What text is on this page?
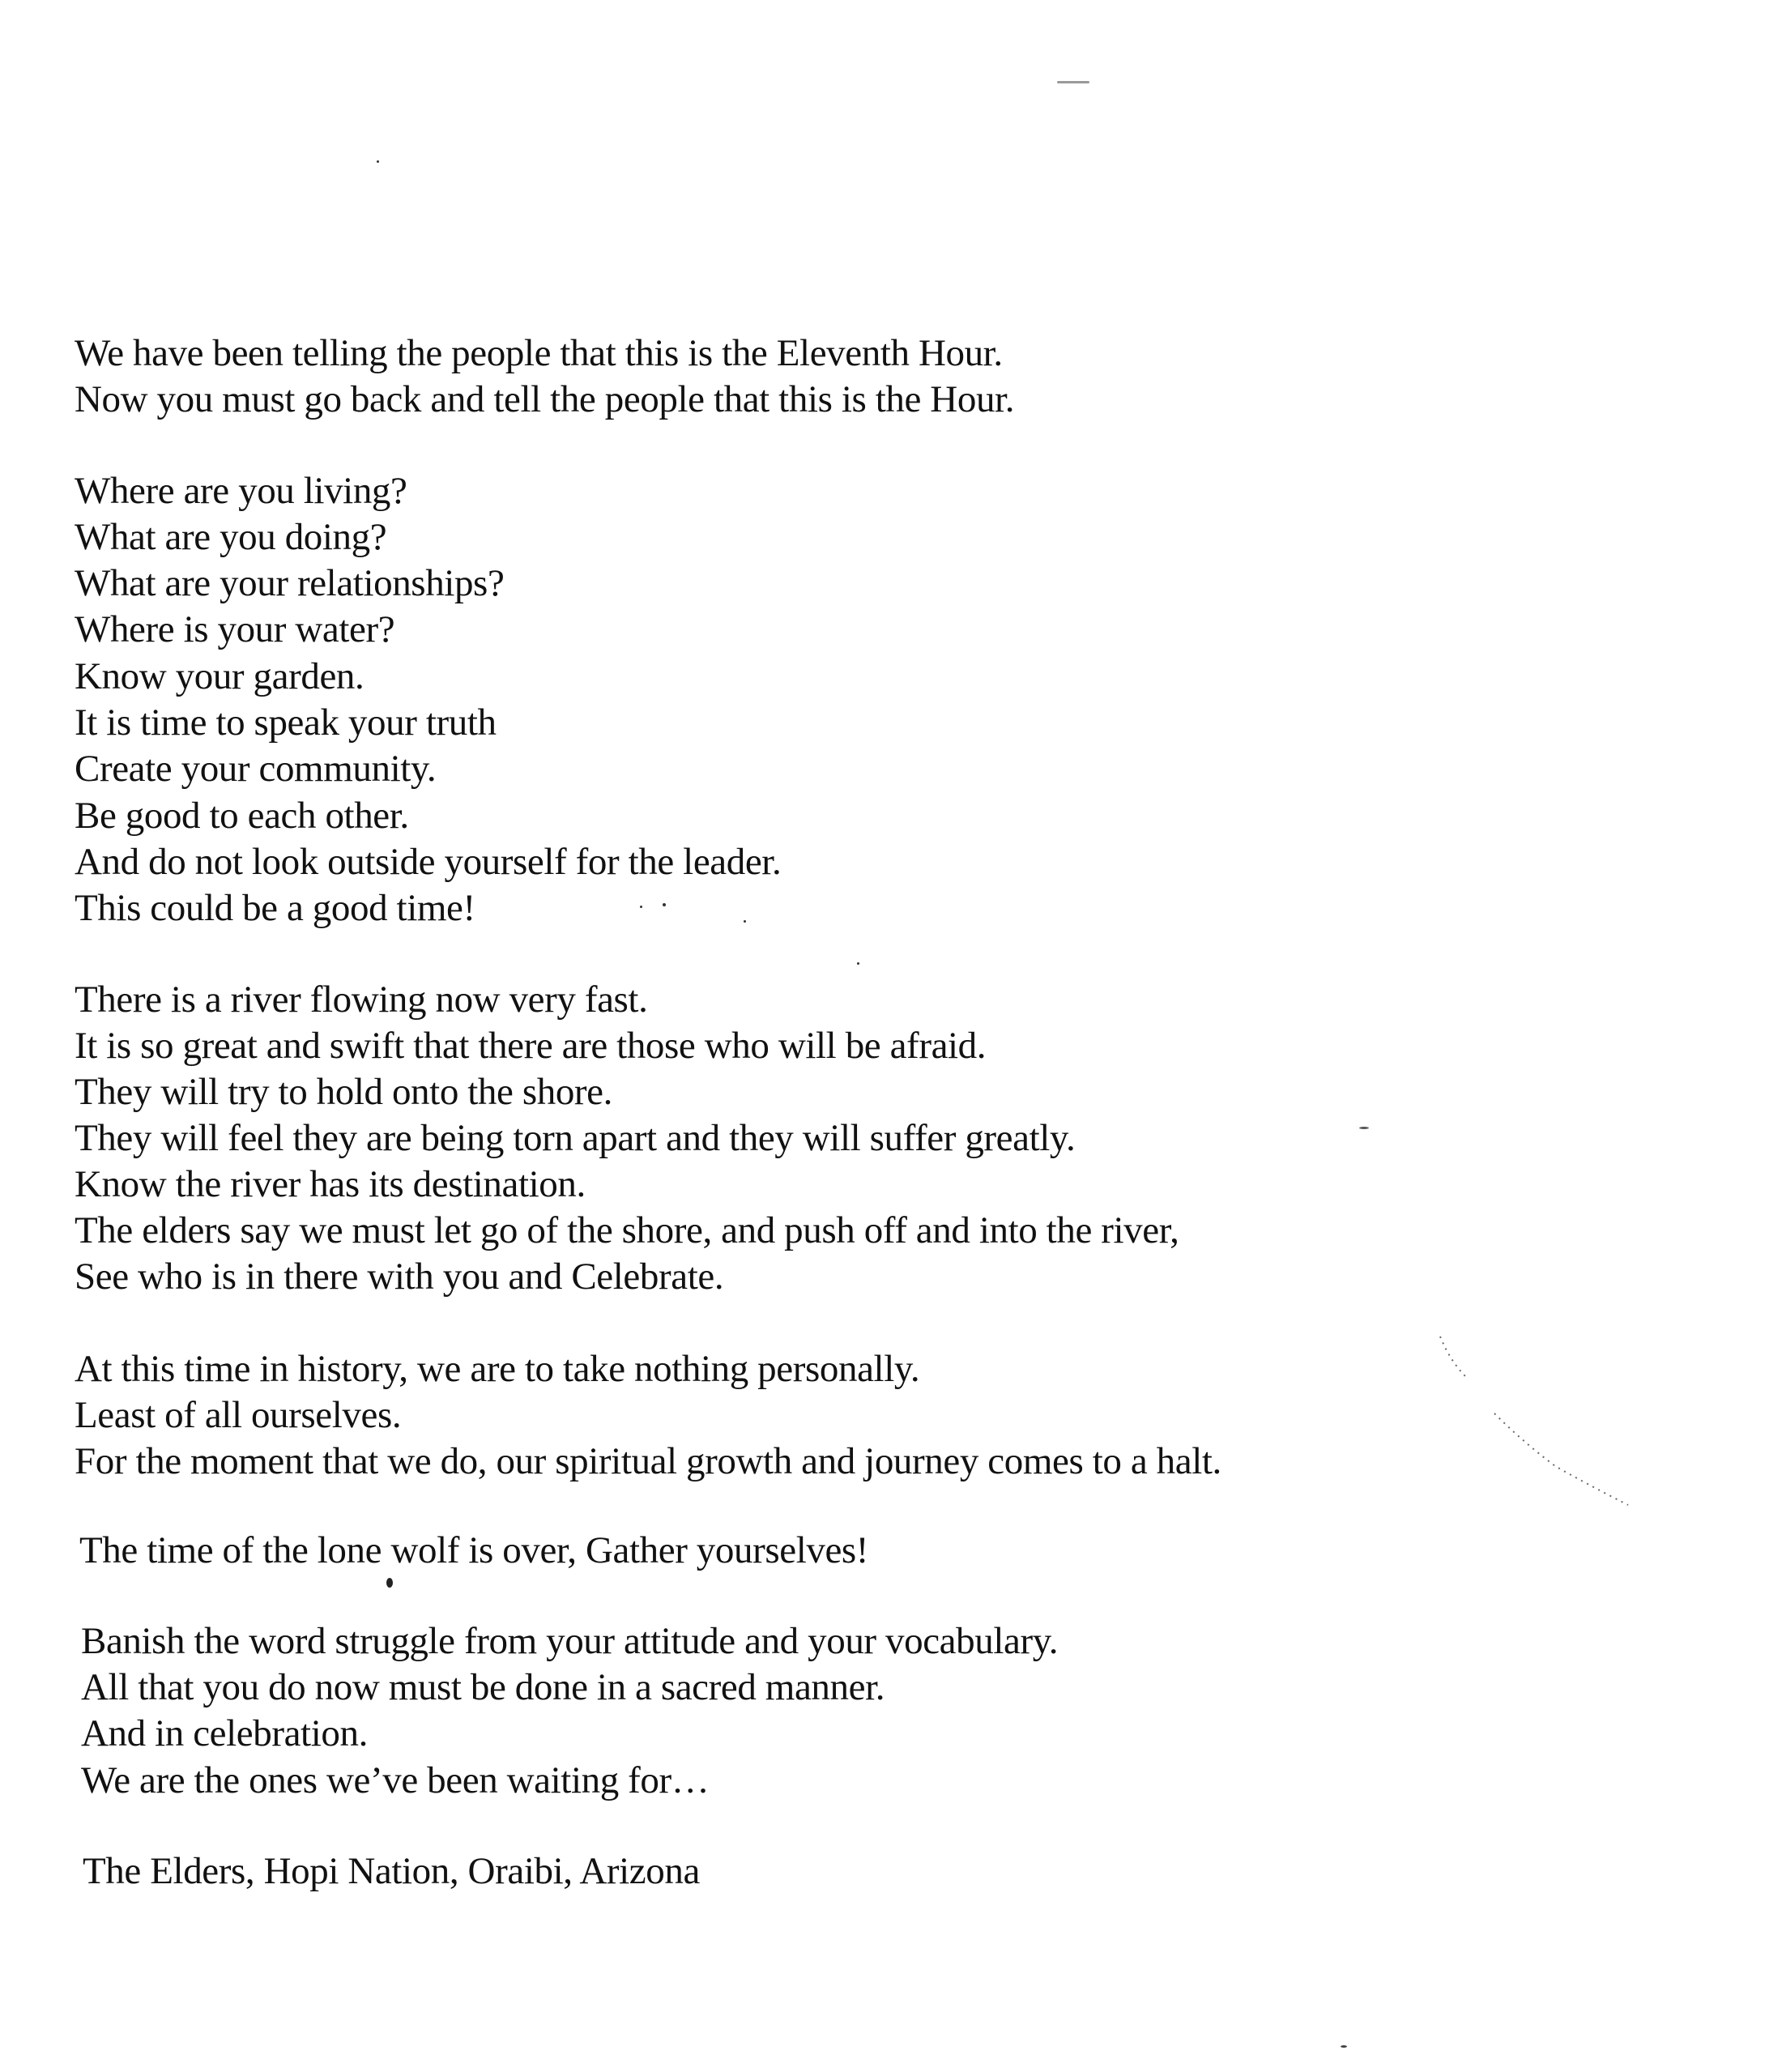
We have been telling the people that this is the Eleventh Hour.
Now you must go back and tell the people that this is the Hour.
Where are you living?
What are you doing?
What are your relationships?
Where is your water?
Know your garden.
It is time to speak your truth
Create your community.
Be good to each other.
And do not look outside yourself for the leader.
This could be a good time!
There is a river flowing now very fast.
It is so great and swift that there are those who will be afraid.
They will try to hold onto the shore.
They will feel they are being torn apart and they will suffer greatly.
Know the river has its destination.
The elders say we must let go of the shore, and push off and into the river,
See who is in there with you and Celebrate.
At this time in history, we are to take nothing personally.
Least of all ourselves.
For the moment that we do, our spiritual growth and journey comes to a halt.
The time of the lone wolf is over, Gather yourselves!
Banish the word struggle from your attitude and your vocabulary.
All that you do now must be done in a sacred manner.
And in celebration.
We are the ones we’ve been waiting for…
The Elders, Hopi Nation, Oraibi, Arizona
